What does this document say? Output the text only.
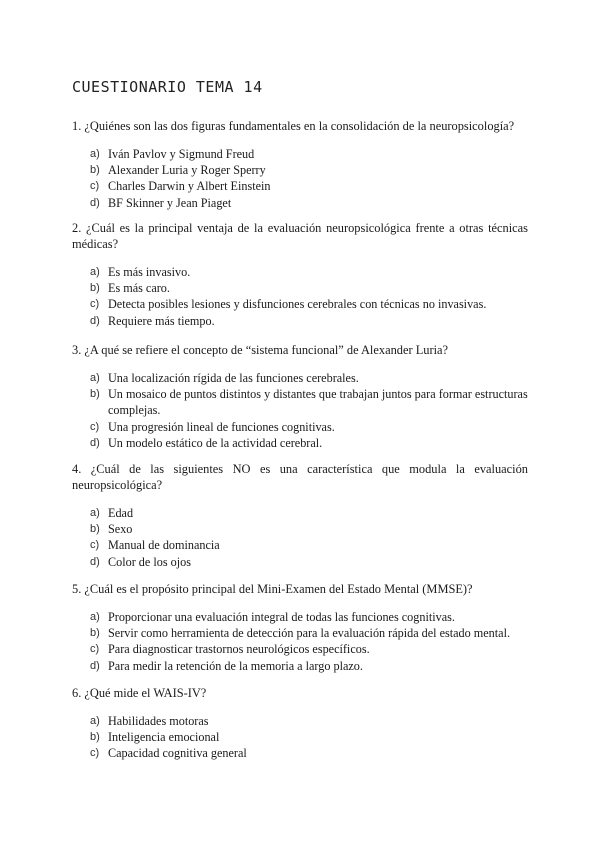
CUESTIONARIO TEMA 14

1. ¿Quiénes son las dos figuras fundamentales en la consolidación de la neuropsicología?

a) Iván Pavlov y Sigmund Freud
b) Alexander Luria y Roger Sperry
c) Charles Darwin y Albert Einstein
d) BF Skinner y Jean Piaget

2. ¿Cuál es la principal ventaja de la evaluación neuropsicológica frente a otras técnicas médicas?

a) Es más invasivo.
b) Es más caro.
c) Detecta posibles lesiones y disfunciones cerebrales con técnicas no invasivas.
d) Requiere más tiempo.

3. ¿A qué se refiere el concepto de “sistema funcional” de Alexander Luria?

a) Una localización rígida de las funciones cerebrales.
b) Un mosaico de puntos distintos y distantes que trabajan juntos para formar estructuras complejas.
c) Una progresión lineal de funciones cognitivas.
d) Un modelo estático de la actividad cerebral.

4. ¿Cuál de las siguientes NO es una característica que modula la evaluación neuropsicológica?

a) Edad
b) Sexo
c) Manual de dominancia
d) Color de los ojos

5. ¿Cuál es el propósito principal del Mini-Examen del Estado Mental (MMSE)?

a) Proporcionar una evaluación integral de todas las funciones cognitivas.
b) Servir como herramienta de detección para la evaluación rápida del estado mental.
c) Para diagnosticar trastornos neurológicos específicos.
d) Para medir la retención de la memoria a largo plazo.

6. ¿Qué mide el WAIS-IV?

a) Habilidades motoras
b) Inteligencia emocional
c) Capacidad cognitiva general
